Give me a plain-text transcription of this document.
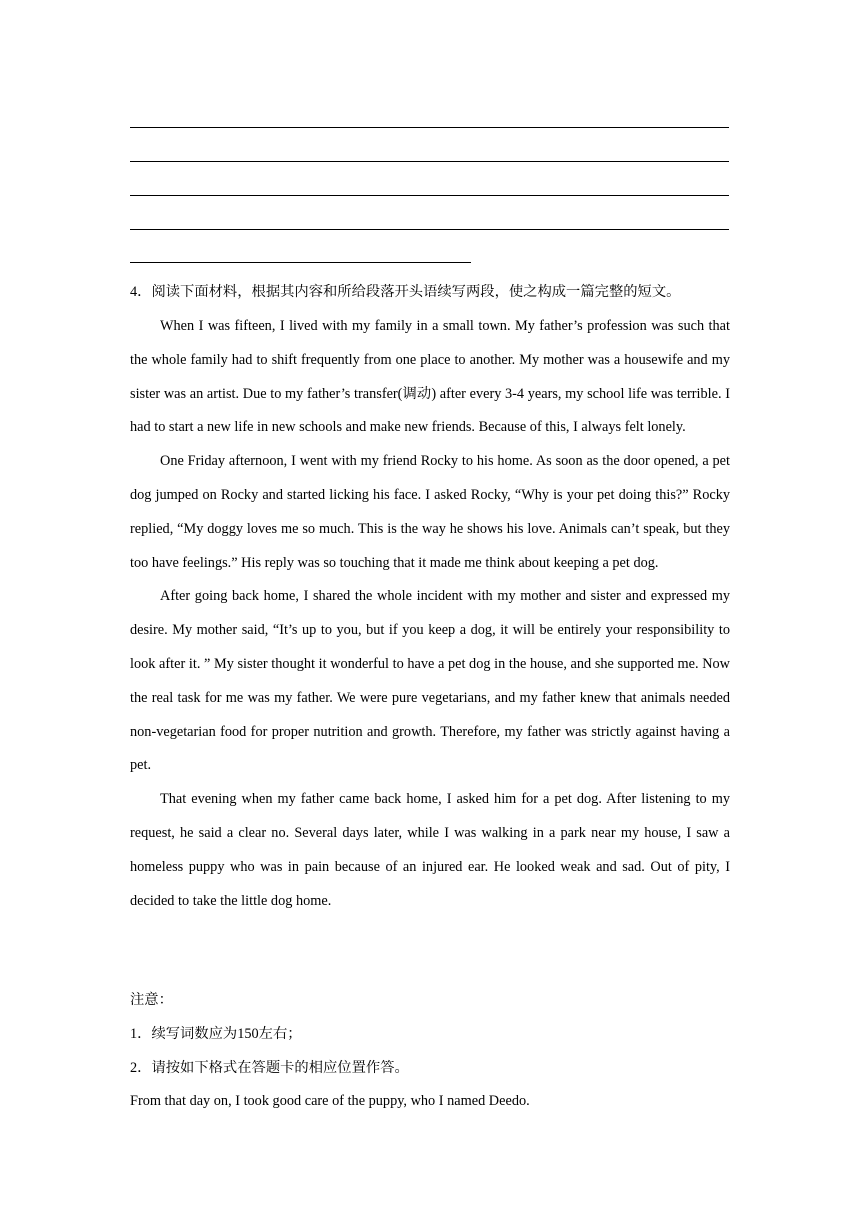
4．阅读下面材料，根据其内容和所给段落开头语续写两段，使之构成一篇完整的短文。

When I was fifteen, I lived with my family in a small town. My father’s profession was such that the whole family had to shift frequently from one place to another. My mother was a housewife and my sister was an artist. Due to my father’s transfer(调动) after every 3-4 years, my school life was terrible. I had to start a new life in new schools and make new friends. Because of this, I always felt lonely.

One Friday afternoon, I went with my friend Rocky to his home. As soon as the door opened, a pet dog jumped on Rocky and started licking his face. I asked Rocky, “Why is your pet doing this?” Rocky replied, “My doggy loves me so much. This is the way he shows his love. Animals can’t speak, but they too have feelings.” His reply was so touching that it made me think about keeping a pet dog.

After going back home, I shared the whole incident with my mother and sister and expressed my desire. My mother said, “It’s up to you, but if you keep a dog, it will be entirely your responsibility to look after it. ” My sister thought it wonderful to have a pet dog in the house, and she supported me. Now the real task for me was my father. We were pure vegetarians, and my father knew that animals needed non-vegetarian food for proper nutrition and growth. Therefore, my father was strictly against having a pet.

That evening when my father came back home, I asked him for a pet dog. After listening to my request, he said a clear no. Several days later, while I was walking in a park near my house, I saw a homeless puppy who was in pain because of an injured ear. He looked weak and sad. Out of pity, I decided to take the little dog home.

注意：
1．续写词数应为150左右；
2．请按如下格式在答题卡的相应位置作答。
From that day on, I took good care of the puppy, who I named Deedo.
